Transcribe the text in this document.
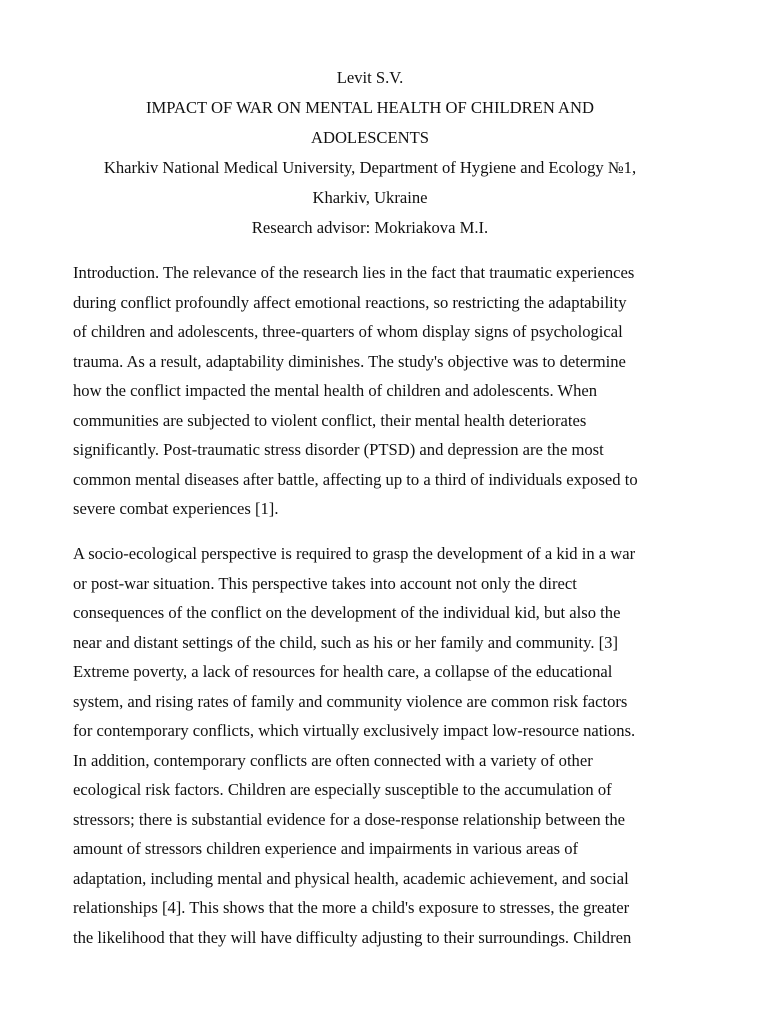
Levit S.V.
IMPACT OF WAR ON MENTAL HEALTH OF CHILDREN AND
ADOLESCENTS
Kharkiv National Medical University, Department of Hygiene and Ecology №1,
Kharkiv, Ukraine
Research advisor: Mokriakova M.I.
Introduction. The relevance of the research lies in the fact that traumatic experiences
during conflict profoundly affect emotional reactions, so restricting the adaptability
of children and adolescents, three-quarters of whom display signs of psychological
trauma. As a result, adaptability diminishes. The study's objective was to determine
how the conflict impacted the mental health of children and adolescents. When
communities are subjected to violent conflict, their mental health deteriorates
significantly. Post-traumatic stress disorder (PTSD) and depression are the most
common mental diseases after battle, affecting up to a third of individuals exposed to
severe combat experiences [1].
A socio-ecological perspective is required to grasp the development of a kid in a war
or post-war situation. This perspective takes into account not only the direct
consequences of the conflict on the development of the individual kid, but also the
near and distant settings of the child, such as his or her family and community. [3]
Extreme poverty, a lack of resources for health care, a collapse of the educational
system, and rising rates of family and community violence are common risk factors
for contemporary conflicts, which virtually exclusively impact low-resource nations.
In addition, contemporary conflicts are often connected with a variety of other
ecological risk factors. Children are especially susceptible to the accumulation of
stressors; there is substantial evidence for a dose-response relationship between the
amount of stressors children experience and impairments in various areas of
adaptation, including mental and physical health, academic achievement, and social
relationships [4]. This shows that the more a child's exposure to stresses, the greater
the likelihood that they will have difficulty adjusting to their surroundings. Children
